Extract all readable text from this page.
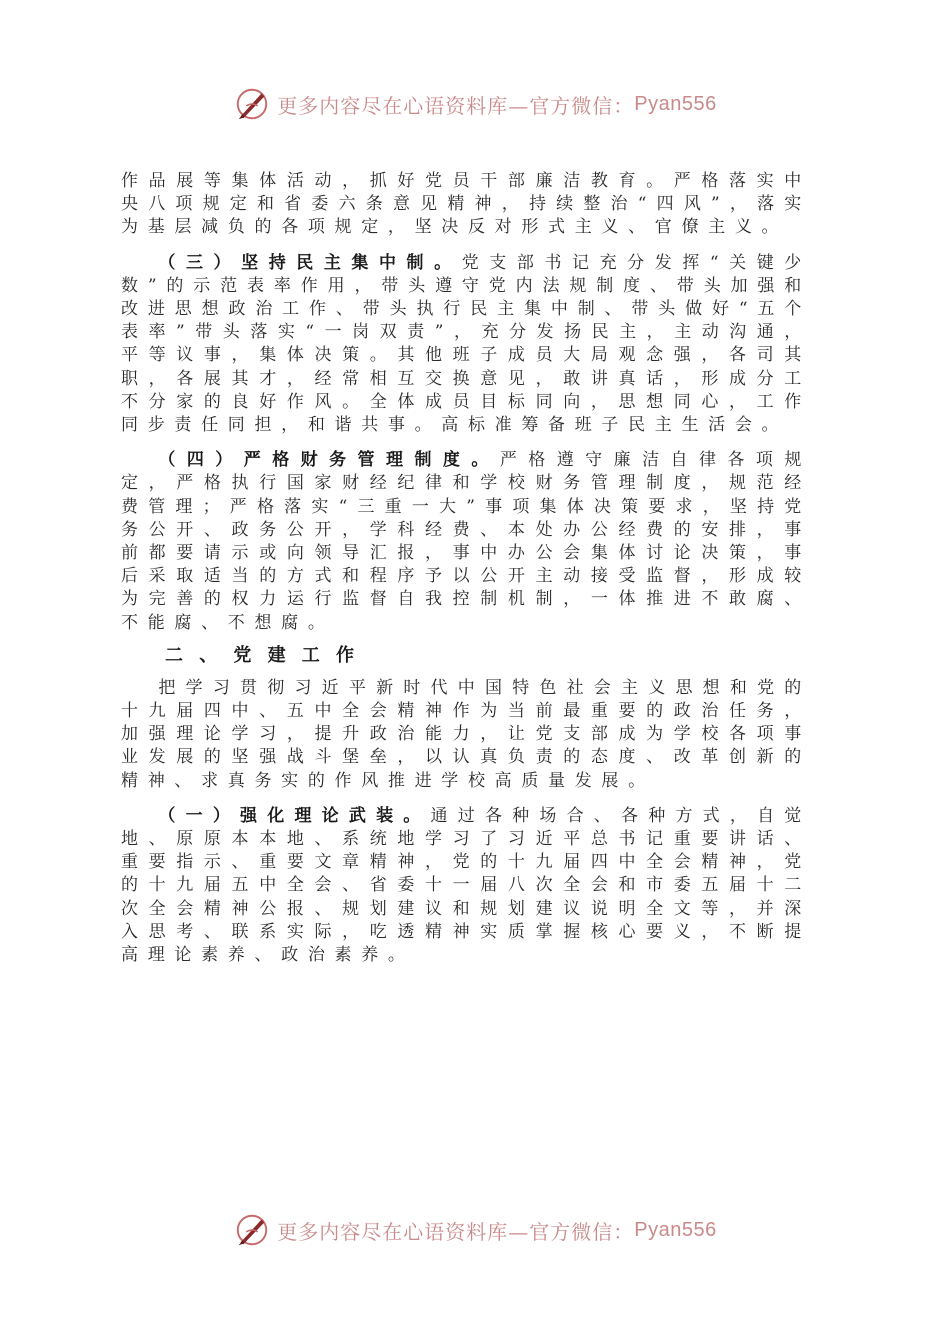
更多内容尽在心语资料库—官方微信： Pyan556

作品展等集体活动，抓好党员干部廉洁教育。严格落实中央八项规定和省委六条意见精神，持续整治“四风”，落实为基层减负的各项规定，坚决反对形式主义、官僚主义。

（三）坚持民主集中制。党支部书记充分发挥“关键少数”的示范表率作用，带头遵守党内法规制度、带头加强和改进思想政治工作、带头执行民主集中制、带头做好“五个表率”带头落实“一岗双责”，充分发扬民主，主动沟通，平等议事，集体决策。其他班子成员大局观念强，各司其职，各展其才，经常相互交换意见，敢讲真话，形成分工不分家的良好作风。全体成员目标同向，思想同心，工作同步责任同担，和谐共事。高标准筹备班子民主生活会。

（四）严格财务管理制度。严格遵守廉洁自律各项规定，严格执行国家财经纪律和学校财务管理制度，规范经费管理；严格落实“三重一大”事项集体决策要求，坚持党务公开、政务公开，学科经费、本处办公经费的安排，事前都要请示或向领导汇报，事中办公会集体讨论决策，事后采取适当的方式和程序予以公开主动接受监督，形成较为完善的权力运行监督自我控制机制，一体推进不敢腐、不能腐、不想腐。

二、党建工作

把学习贯彻习近平新时代中国特色社会主义思想和党的十九届四中、五中全会精神作为当前最重要的政治任务，加强理论学习，提升政治能力，让党支部成为学校各项事业发展的坚强战斗堡垒，以认真负责的态度、改革创新的精神、求真务实的作风推进学校高质量发展。

（一）强化理论武装。通过各种场合、各种方式，自觉地、原原本本地、系统地学习了习近平总书记重要讲话、重要指示、重要文章精神，党的十九届四中全会精神，党的十九届五中全会、省委十一届八次全会和市委五届十二次全会精神公报、规划建议和规划建议说明全文等，并深入思考、联系实际，吃透精神实质掌握核心要义，不断提高理论素养、政治素养。

更多内容尽在心语资料库—官方微信： Pyan556
